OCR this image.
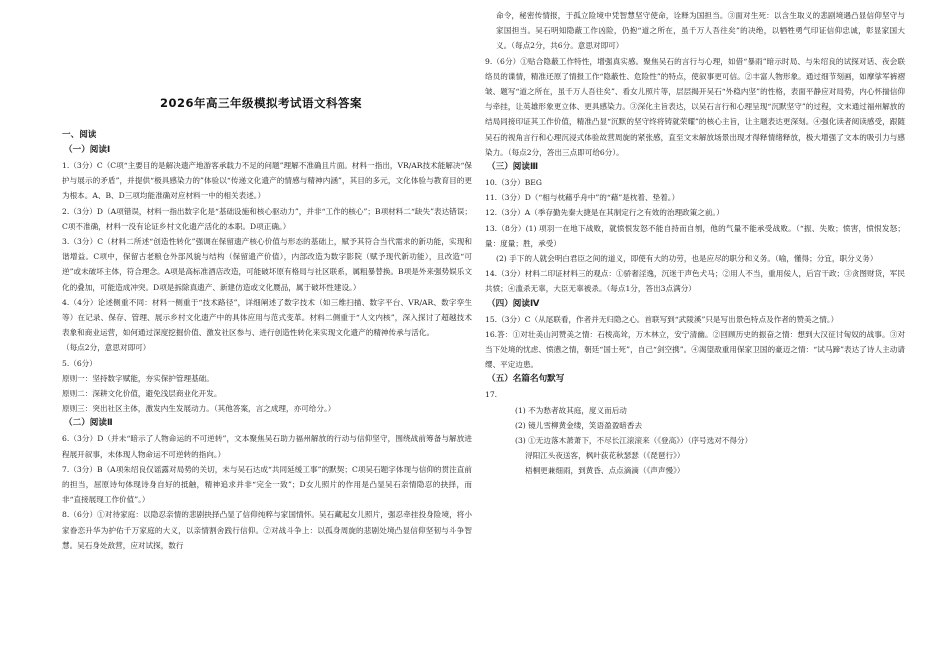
2026年高三年级模拟考试语文科答案

一、阅读

（一）阅读Ⅰ

1.（3分）C（C项“主要目的是解决遗产地游客承载力不足的问题”理解不准确且片面。材料一指出，VR/AR技术能解决“保护与展示的矛盾”，并提供“极具感染力的”体验以“传递文化遗产的情感与精神内涵”，其目的多元，文化体验与教育目的更为根本。A、B、D三项均能准确对应材料一中的相关表述。）

2.（3分）D（A项错误，材料一指出数字化是“基础设施和核心驱动力”，并非“工作的核心”；B项材料二“缺失”表达错误；C项不准确，材料一没有论证乡村文化遗产活化的本职。D项正确。）

3.（3分）C（材料二所述“创造性转化”强调在保留遗产核心价值与形态的基础上，赋予其符合当代需求的新功能，实现和谐增益。C项中，保留古老粮仓外部风貌与结构（保留遗产价值），内部改造为数字影院（赋予现代新功能），且改造“可逆”或未破坏主体，符合理念。A项是高标准酒店改造，可能破坏原有格局与社区联系，属粗暴替换。B项是外来强势娱乐文化的叠加，可能造成冲突。D项是拆除真遗产、新建仿造或文化赝品，属于破坏性建设。）

4.（4分）论述侧重不同：材料一侧重于“技术路径”，详细阐述了数字技术（如三维扫描、数字平台、VR/AR、数字孪生等）在记录、保存、管理、展示乡村文化遗产中的具体应用与范式变革。材料二侧重于“人文内核”，深入探讨了超越技术表象和商业运营，如何通过深度挖掘价值、激发社区参与、进行创造性转化来实现文化遗产的精神传承与活化。

（每点2分，意思对即可）

5.（6分）

原则一：坚持数字赋能，夯实保护管理基础。

原则二：深耕文化价值，避免浅层商业化开发。

原则三：突出社区主体，激发内生发展动力。（其他答案，言之成理，亦可给分。）

（二）阅读Ⅱ

6.（3分）D（并未“暗示了人物命运的不可逆转”，文本聚焦吴石助力福州解放的行动与信仰坚守，围绕战前筹备与解放进程展开叙事，未体现人物命运不可逆转的指向。）

7.（3分）B（A项朱绍良仅谣露对局势的关切，未与吴石达成“共同延缓工事”的默契；C项吴石题字体现与信仰的贯注直前的担当，屈原诗句体现诗身自好的抵触，精神追求并非“完全一致”；D女儿照片的作用是凸显吴石亲情隐忍的抉择，而非“直接展现工作价值”。）

8.（6分）①对待家庭：以隐忍亲情的悲剧抉择凸显了信仰纯粹与家国情怀。吴石藏起女儿照片，强忍牵挂投身险境，将小家眷恋升华为护佑千万家庭的大义，以亲情割舍践行信仰。②对战斗争上：以孤身周旋的悲剧处境凸显信仰坚韧与斗争智慧。吴石身处敌营，应对试探，数行

命令，秘密传情报，于孤立险境中凭智慧坚守使命，诠释为国担当。③面对生死：以含生取义的悲剧境遇凸显信仰坚守与家国担当。吴石明知隐蔽工作凶险，仍抱“道之所在，虽千万人吾往矣”的决绝，以牺牲勇气印证信仰忠诚，彰显家国大义。（每点2分，共6分。意思对即可）

9.（6分）①贴合隐蔽工作特性，增强真实感。聚焦吴石的言行与心理，如借“暴雨”暗示时局、与朱绍良的试探对话、夜会联络员的谍情，精准还原了情报工作“隐蔽性、危险性”的特点，使叙事更可信。②丰富人物形象。通过细节刻画，如摩挲军裤褶皱、题写“道之所在，虽千万人吾往矣”、看女儿照片等，层层揭开吴石“外稳内坚”的性格，表面平静应对局势，内心怀揣信仰与牵挂，让英雄形象更立体、更具感染力。③深化主旨表达，以吴石言行和心理呈现“沉默坚守”的过程，文末通过福州解放的结局同接印证其工作价值，精准凸显“沉默的坚守终将铸就荣耀”的核心主旨，让主题表达更深刻。④强化读者阅读感受，跟随吴石的视角言行和心理沉浸式体验故营周旋的紧张感，直至文末解放场景出现才得释情绪释放，极大增强了文本的吸引力与感染力。（每点2分，答出三点即可给6分）。

（三）阅读Ⅲ

10.（3分）BEG

11.（3分）D（“相与枕藉乎舟中”的“藉”是枕着、垫着。）

12.（3分）A（季存勤先秦大捷是在其制定行之有效的治理政策之前。）

13.（8分）(1) 项羽一在地下战败，就愤恨发怒不能自持而自刎，他的气量不能承受战败。（“振、失败；愤害，愤恨发怒；量：度量；胜，承受）

(2) 手下的人就会明白君臣之间的道义，即使有大的功劳，也是应尽的职分和义务。（喻，懂得；分宜，职分义务）

14.（3分）材料二印证材料三的观点：①骄奢淫逸，沉迷于声色犬马；②用人不当，重用佞人，后宫干政；③贪图财货，军民共愤；④滥杀无辜，大臣无辜被杀。（每点1分，答出3点满分）

（四）阅读Ⅳ

15.（3分）C（从尾联看，作者并无归隐之心。首联写到“武陵溪”只是写出景色特点及作者的赞美之情。）

16.答：①对壮美山河赞美之情：石棱高耸，万木林立，安宁清幽。②回顾历史的振奋之情：想到大汉征讨匈奴的战事。③对当下处境的忧虑、愤懑之情，朝廷“国士死”，自己“剑空携”。④渴望敌重用保家卫国的豪迈之情：“试马蹄”表达了诗人主动请缨、平定边患。

（五）名篇名句默写

17.

(1) 不为愁者故其庭，度义而后动

(2) 镜儿雪柳黄金缕，笑语盈盈暗香去

(3) ①无边落木萧萧下，不尽长江滚滚来（《登高》）（序号选对不得分）

浔阳江头夜送客，枫叶荻花秋瑟瑟（《琵琶行》）

梧桐更兼细雨，到黄昏、点点滴滴（《声声慢》）
